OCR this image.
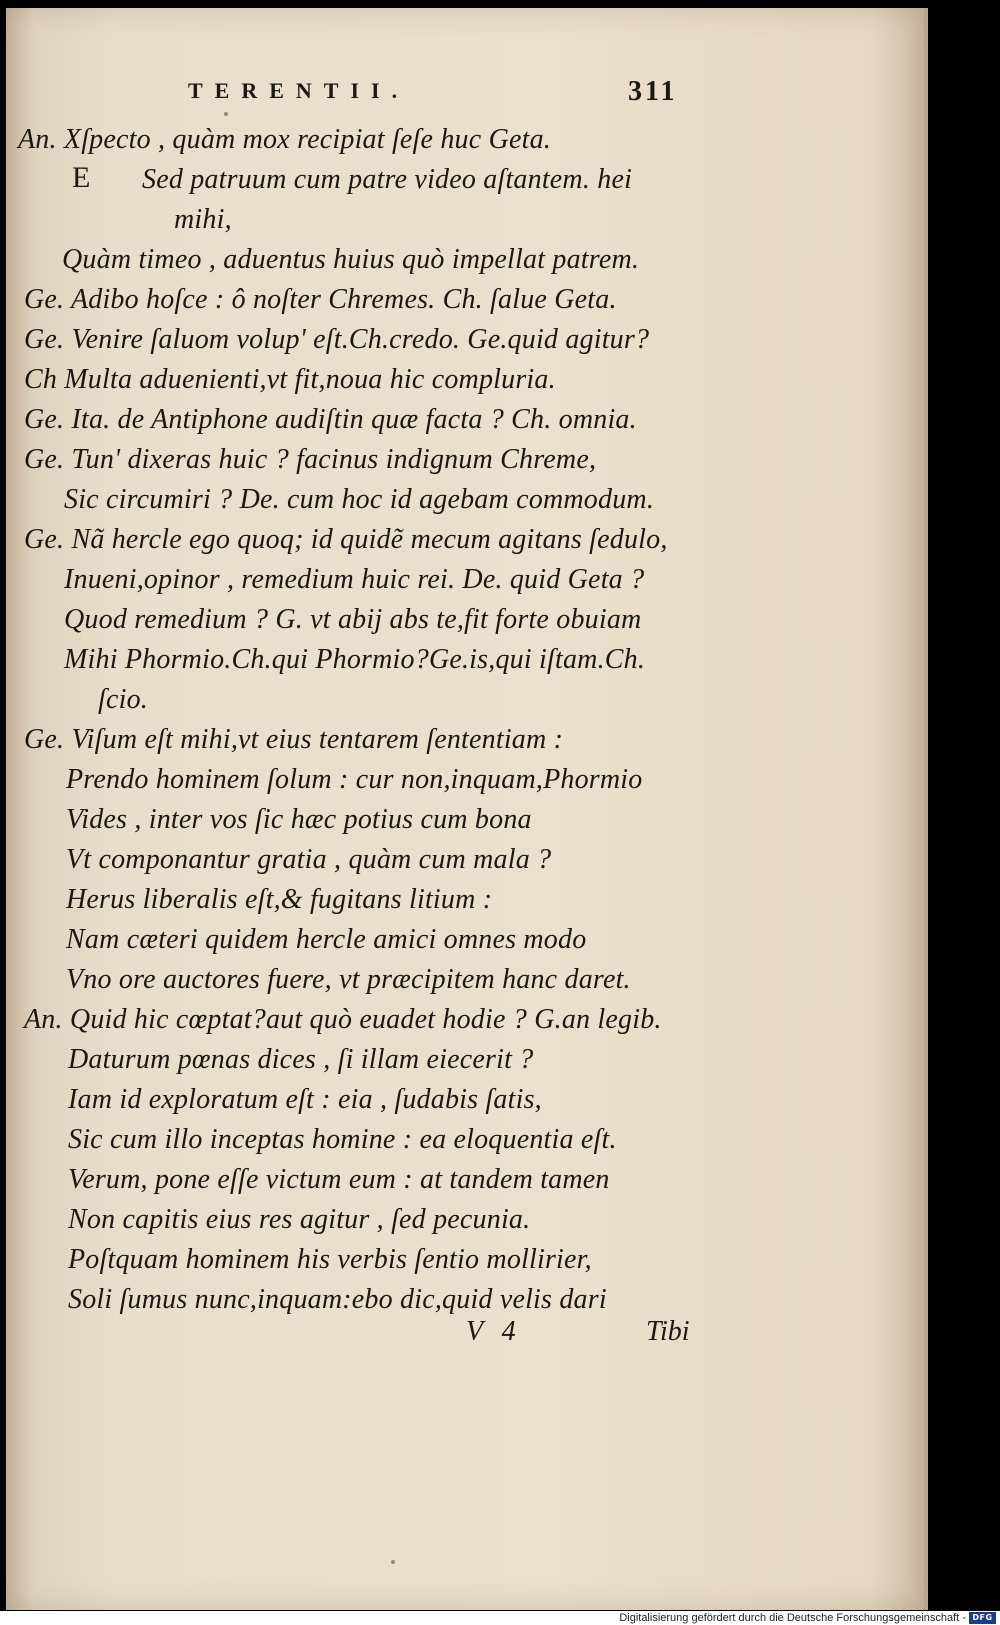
TERENTII.	311
E
An. Xſpecto , quàm mox recipiat ſeſe huc Geta.
Sed patruum cum patre video aſtantem. hei
mihi,
Quàm timeo , aduentus huius quò impellat patrem.
Ge. Adibo hoſce : ô noſter Chremes. Ch. ſalue Geta.
Ge. Venire ſaluom volup' eſt.Ch.credo. Ge.quid agitur?
Ch Multa aduenienti,vt fit,noua hic compluria.
Ge. Ita. de Antiphone audiſtin quæ facta ? Ch. omnia.
Ge. Tun' dixeras huic ? facinus indignum Chreme,
Sic circumiri ? De. cum hoc id agebam commodum.
Ge. Nã hercle ego quoq; id quidẽ mecum agitans ſedulo,
Inueni,opinor , remedium huic rei. De. quid Geta ?
Quod remedium ? G. vt abij abs te,fit forte obuiam
Mihi Phormio.Ch.qui Phormio?Ge.is,qui iſtam.Ch.
ſcio.
Ge. Viſum eſt mihi,vt eius tentarem ſententiam :
Prendo hominem ſolum : cur non,inquam,Phormio
Vides , inter vos ſic hæc potius cum bona
Vt componantur gratia , quàm cum mala ?
Herus liberalis eſt,& fugitans litium :
Nam cæteri quidem hercle amici omnes modo
Vno ore auctores fuere, vt præcipitem hanc daret.
An. Quid hic cœptat?aut quò euadet hodie ? G.an legib.
Daturum pœnas dices , ſi illam eiecerit ?
Iam id exploratum eſt : eia , ſudabis ſatis,
Sic cum illo inceptas homine : ea eloquentia eſt.
Verum, pone eſſe victum eum : at tandem tamen
Non capitis eius res agitur , ſed pecunia.
Poſtquam hominem his verbis ſentio mollirier,
Soli ſumus nunc,inquam:ebo dic,quid velis dari
V 4	Tibi
Digitalisierung gefördert durch die Deutsche Forschungsgemeinschaft - DFG
